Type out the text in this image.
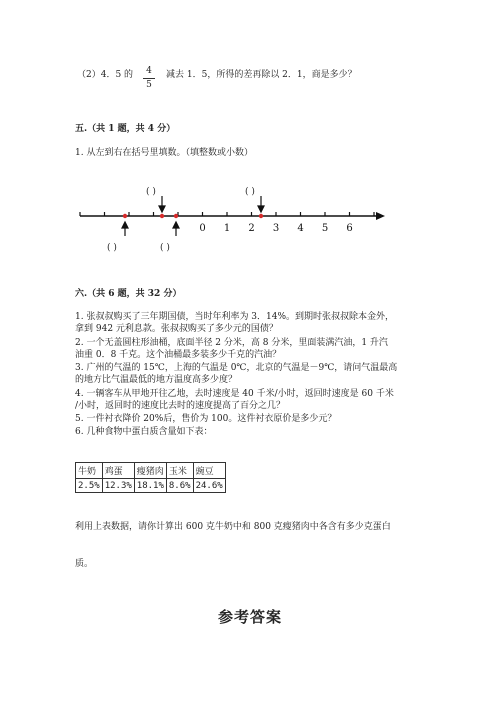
（2）4．5 的	4
5
减去 1．5，所得的差再除以 2．1，商是多少？
五.（共 1 题，共 4 分）
1. 从左到右在括号里填数。（填整数或小数）
0 1 2 3 4 5 6
( )	( )
( )	( )
六.（共 6 题，共 32 分）
1. 张叔叔购买了三年期国债，当时年利率为 3．14%。到期时张叔叔除本金外，
拿到 942 元利息款。张叔叔购买了多少元的国债？
2. 一个无盖圆柱形油桶，底面半径 2 分米，高 8 分米，里面装满汽油，1 升汽
油重 0．8 千克。这个油桶最多装多少千克的汽油？
3. 广州的气温的 15℃，上海的气温是 0℃，北京的气温是－9℃，请问气温最高
的地方比气温最低的地方温度高多少度？
4. 一辆客车从甲地开往乙地，去时速度是 40 千米/小时，返回时速度是 60 千米
/小时，返回时的速度比去时的速度提高了百分之几？
5. 一件衬衣降价 20%后，售价为 100。这件衬衣原价是多少元？
6. 几种食物中蛋白质含量如下表：
牛奶	鸡蛋	瘦猪肉	玉米	豌豆
2.5%	12.3%	18.1%	8.6%	24.6%
利用上表数据，请你计算出 600 克牛奶中和 800 克瘦猪肉中各含有多少克蛋白
质。
参考答案
